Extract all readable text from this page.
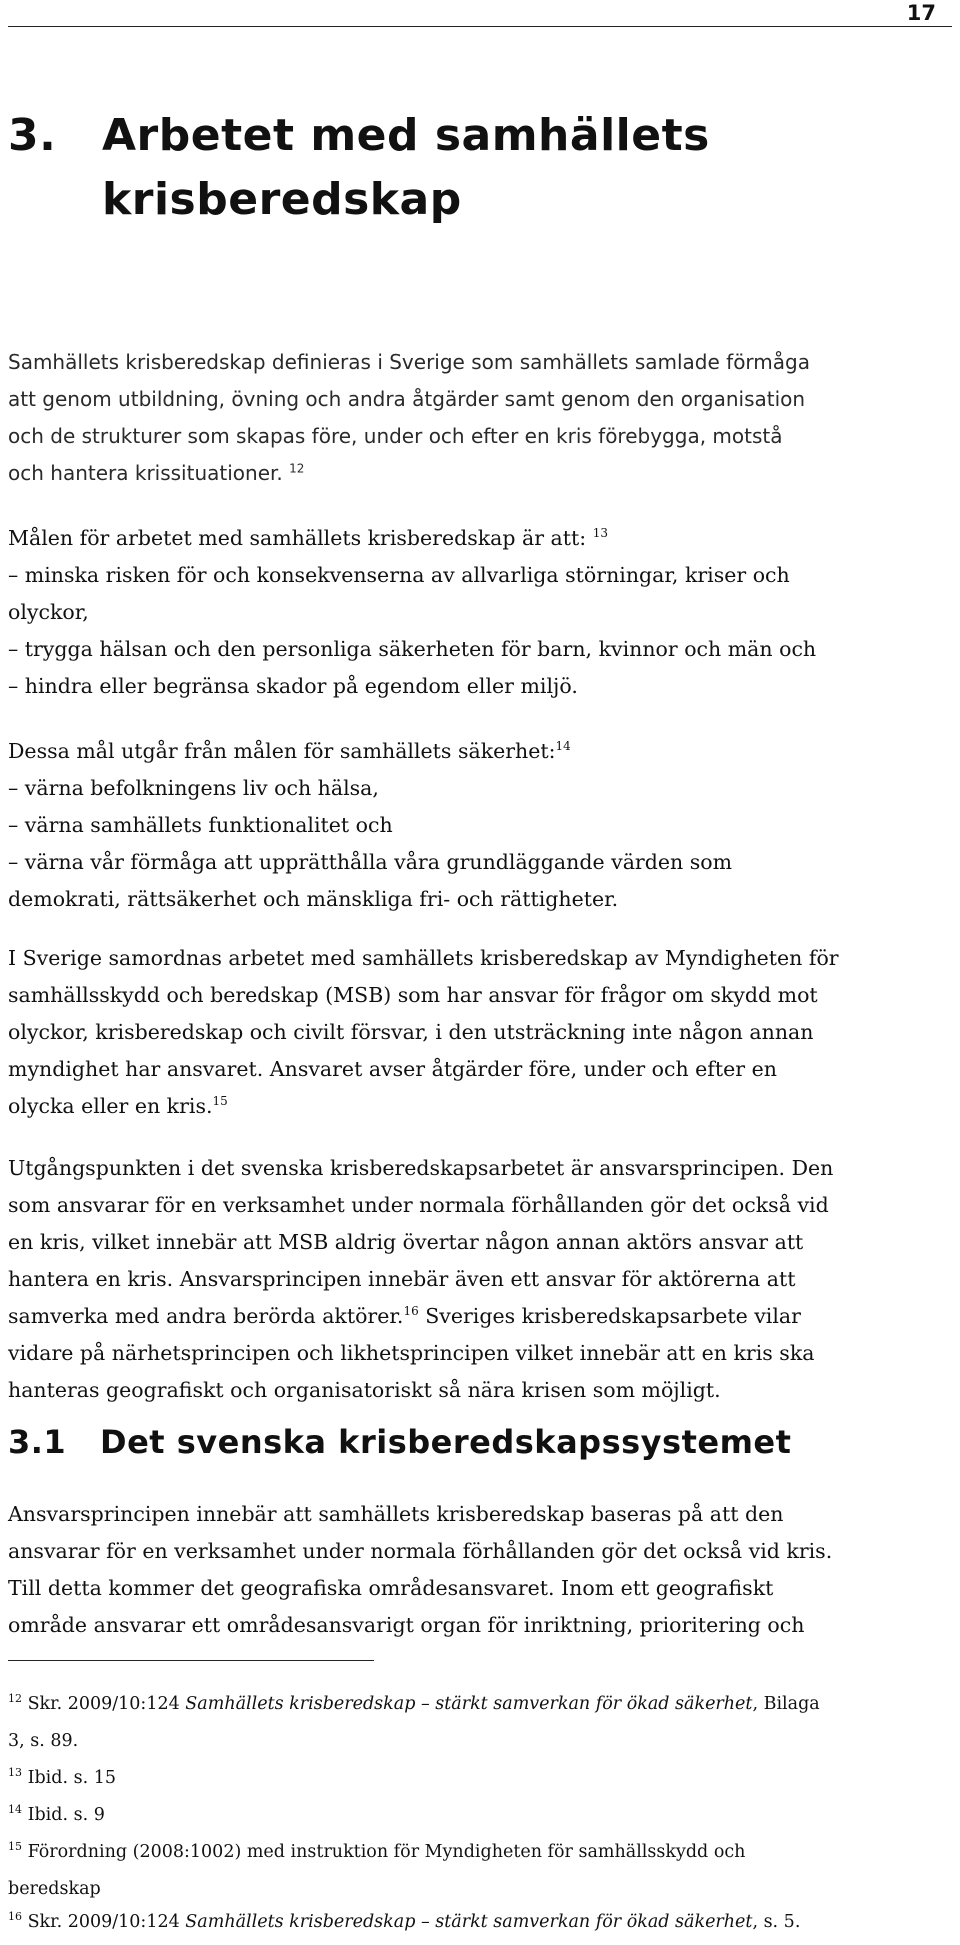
17
3. Arbetet med samhällets
krisberedskap

Samhällets krisberedskap definieras i Sverige som samhällets samlade förmåga
att genom utbildning, övning och andra åtgärder samt genom den organisation
och de strukturer som skapas före, under och efter en kris förebygga, motstå
och hantera krissituationer. $^{12}$

Målen för arbetet med samhällets krisberedskap är att: $^{13}$
– minska risken för och konsekvenserna av allvarliga störningar, kriser och
olyckor,
– trygga hälsan och den personliga säkerheten för barn, kvinnor och män och
– hindra eller begränsa skador på egendom eller miljö.

Dessa mål utgår från målen för samhällets säkerhet:$^{14}$
– värna befolkningens liv och hälsa,
– värna samhällets funktionalitet och
– värna vår förmåga att upprätthålla våra grundläggande värden som
demokrati, rättsäkerhet och mänskliga fri- och rättigheter.

I Sverige samordnas arbetet med samhällets krisberedskap av Myndigheten för
samhällsskydd och beredskap (MSB) som har ansvar för frågor om skydd mot
olyckor, krisberedskap och civilt försvar, i den utsträckning inte någon annan
myndighet har ansvaret. Ansvaret avser åtgärder före, under och efter en
olycka eller en kris.$^{15}$

Utgångspunkten i det svenska krisberedskapsarbetet är ansvarsprincipen. Den
som ansvarar för en verksamhet under normala förhållanden gör det också vid
en kris, vilket innebär att MSB aldrig övertar någon annan aktörs ansvar att
hantera en kris. Ansvarsprincipen innebär även ett ansvar för aktörerna att
samverka med andra berörda aktörer.$^{16}$ Sveriges krisberedskapsarbete vilar
vidare på närhetsprincipen och likhetsprincipen vilket innebär att en kris ska
hanteras geografiskt och organisatoriskt så nära krisen som möjligt.

3.1 Det svenska krisberedskapssystemet

Ansvarsprincipen innebär att samhällets krisberedskap baseras på att den
ansvarar för en verksamhet under normala förhållanden gör det också vid kris.
Till detta kommer det geografiska områdesansvaret. Inom ett geografiskt
område ansvarar ett områdesansvarigt organ för inriktning, prioritering och

$^{12}$ Skr. 2009/10:124 Samhällets krisberedskap – stärkt samverkan för ökad säkerhet, Bilaga
3, s. 89.
$^{13}$ Ibid. s. 15
$^{14}$ Ibid. s. 9
$^{15}$ Förordning (2008:1002) med instruktion för Myndigheten för samhällsskydd och
beredskap
$^{16}$ Skr. 2009/10:124 Samhällets krisberedskap – stärkt samverkan för ökad säkerhet, s. 5.
